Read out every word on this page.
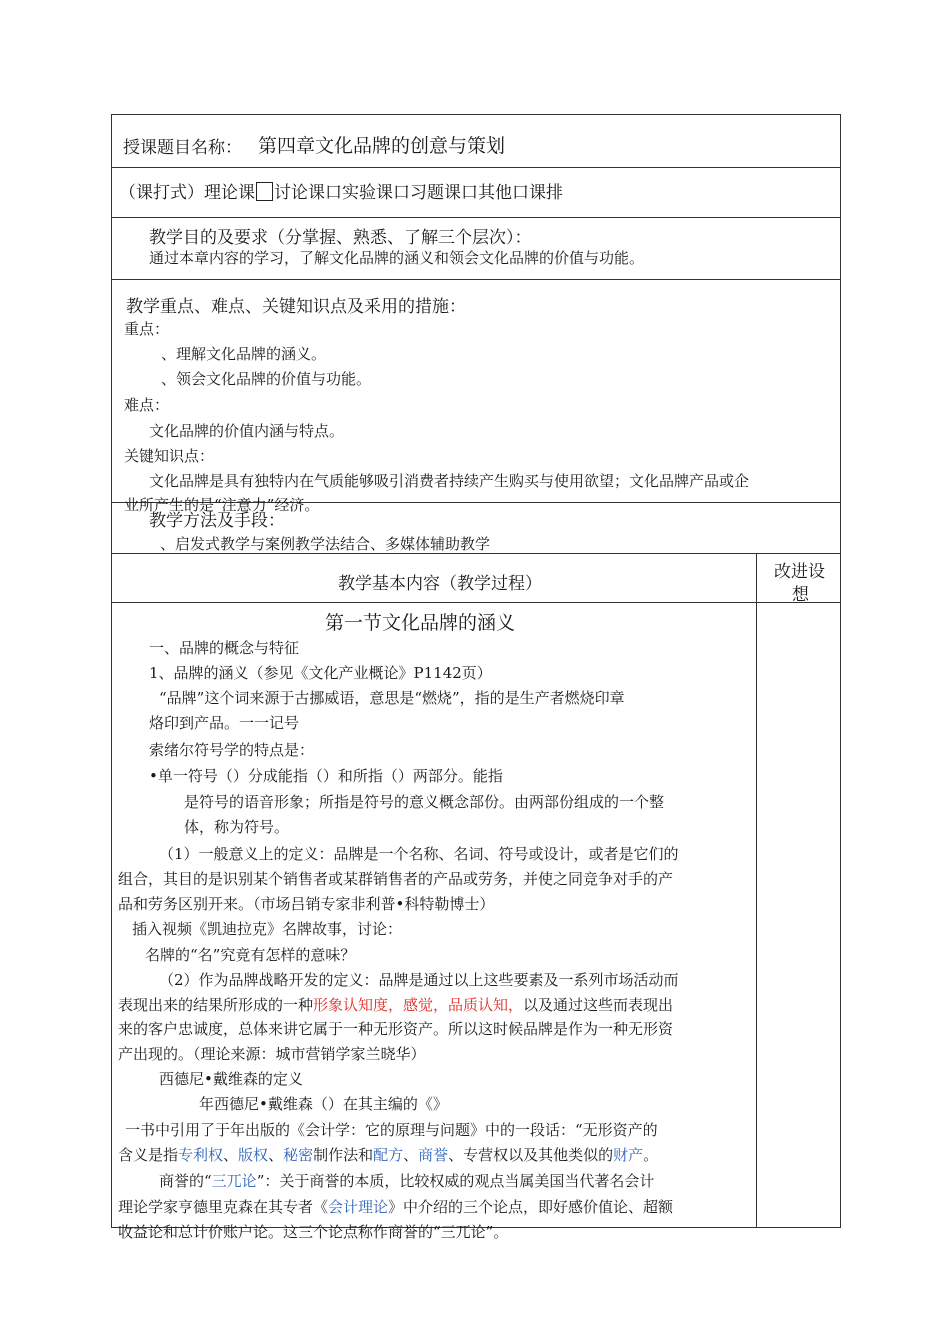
授课题目名称： 第四章文化品牌的创意与策划
（课打式）理论课 讨论课口实验课口习题课口其他口课排
教学目的及要求（分掌握、熟悉、了解三个层次）：
通过本章内容的学习，了解文化品牌的涵义和领会文化品牌的价值与功能。
教学重点、难点、关键知识点及釆用的措施：
重点：
、理解文化品牌的涵义。
、领会文化品牌的价值与功能。
难点：
文化品牌的价值内涵与特点。
关键知识点：
文化品牌是具有独特内在气质能够吸引消费者持续产生购买与使用欲望；文化品牌产品或企
业所产生的是“注意力”经济。
教学方法及手段：
、启发式教学与案例教学法结合、多媒体辅助教学
教学基本内容（教学过程）
改进设
想
第一节文化品牌的涵义
一、品牌的概念与特征
1、品牌的涵义（参见《文化产业概论》P1142页）
“品牌”这个词来源于古挪威语，意思是“燃烧”，指的是生产者燃烧印章
烙印到产品。一一记号
索绪尔符号学的特点是：
•单一符号（）分成能指（）和所指（）两部分。能指
是符号的语音形象；所指是符号的意义概念部份。由两部份组成的一个整
体，称为符号。
（1）一般意义上的定义：品牌是一个名称、名词、符号或设计，或者是它们的
组合，其目的是识别某个销售者或某群销售者的产品或劳务，并使之同竞争对手的产
品和劳务区别开来。（市场吕销专家非利普•科特勒博士）
插入视频《凯迪拉克》名牌故事，讨论：
名牌的“名”究竟有怎样的意味？
（2）作为品牌战略开发的定义：品牌是通过以上这些要素及一系列市场活动而
表现出来的结果所形成的一种形象认知度，感觉，品质认知，以及通过这些而表现出
来的客户忠诚度，总体来讲它属于一种无形资产。所以这时候品牌是作为一种无形资
产出现的。（理论来源：城市营销学家兰晓华）
西德尼•戴维森的定义
年西德尼•戴维森（）在其主编的《》
一书中引用了于年出版的《会计学：它的原理与问题》中的一段话：“无形资产的
含义是指专利权、版权、秘密制作法和配方、商誉、专营权以及其他类似的财产。
商誉的“三兀论”：关于商誉的本质，比较权威的观点当属美国当代著名会计
理论学家亨德里克森在其专者《会计理论》中介绍的三个论点，即好感价值论、超额
收益论和总计价账户论。这三个论点称作商誉的“三兀论”。
